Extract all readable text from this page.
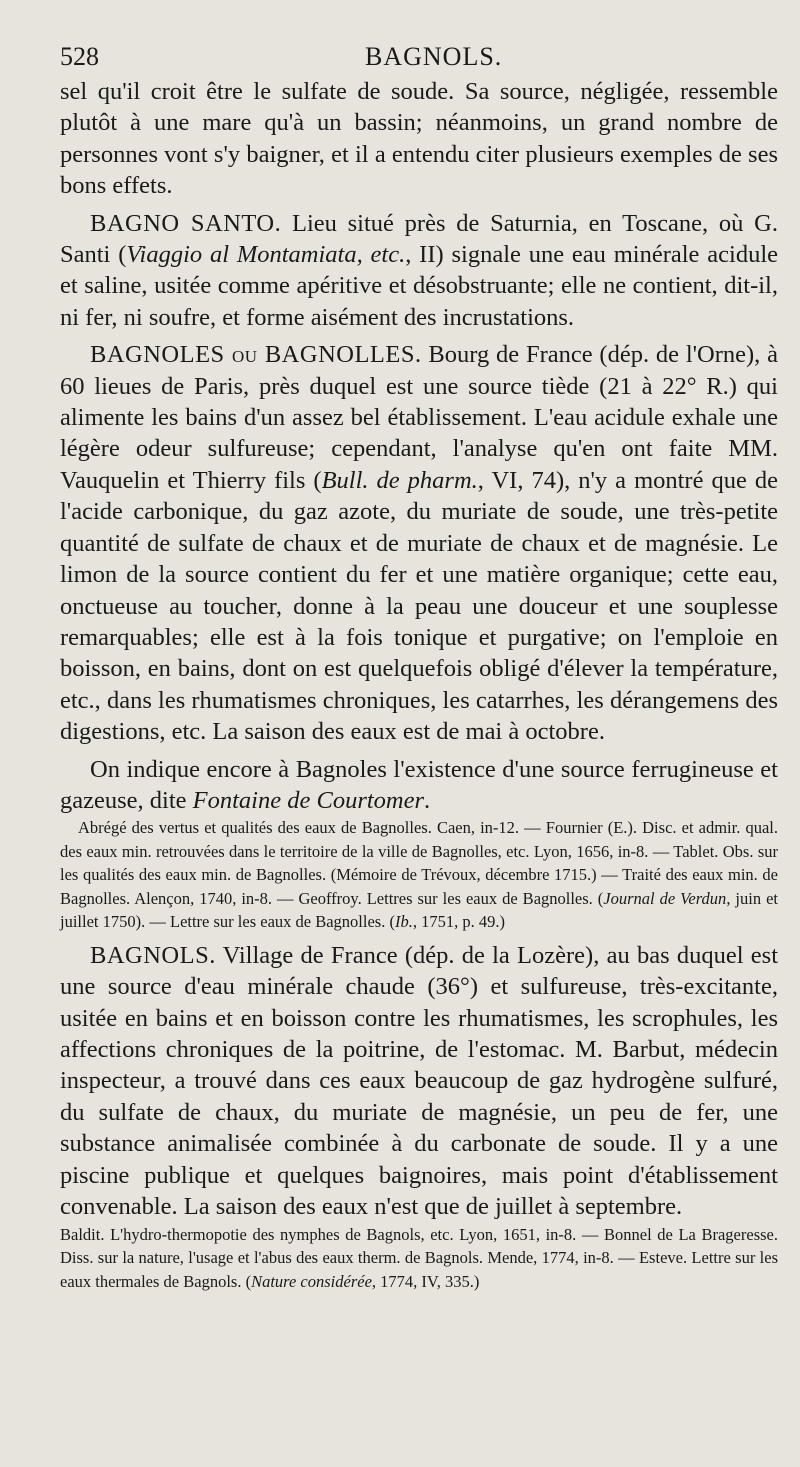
528	BAGNOLS.

sel qu'il croit être le sulfate de soude. Sa source, négligée, ressemble plutôt à une mare qu'à un bassin; néanmoins, un grand nombre de personnes vont s'y baigner, et il a entendu citer plusieurs exemples de ses bons effets.

BAGNO SANTO. Lieu situé près de Saturnia, en Toscane, où G. Santi (Viaggio al Montamiata, etc., II) signale une eau minérale acidule et saline, usitée comme apéritive et désobstruante; elle ne contient, dit-il, ni fer, ni soufre, et forme aisément des incrustations.

BAGNOLES ou BAGNOLLES. Bourg de France (dép. de l'Orne), à 60 lieues de Paris, près duquel est une source tiède (21 à 22° R.) qui alimente les bains d'un assez bel établissement. L'eau acidule exhale une légère odeur sulfureuse; cependant, l'analyse qu'en ont faite MM. Vauquelin et Thierry fils (Bull. de pharm., VI, 74), n'y a montré que de l'acide carbonique, du gaz azote, du muriate de soude, une très-petite quantité de sulfate de chaux et de muriate de chaux et de magnésie. Le limon de la source contient du fer et une matière organique; cette eau, onctueuse au toucher, donne à la peau une douceur et une souplesse remarquables; elle est à la fois tonique et purgative; on l'emploie en boisson, en bains, dont on est quelquefois obligé d'élever la température, etc., dans les rhumatismes chroniques, les catarrhes, les dérangemens des digestions, etc. La saison des eaux est de mai à octobre.

On indique encore à Bagnoles l'existence d'une source ferrugineuse et gazeuse, dite Fontaine de Courtomer.

Abrégé des vertus et qualités des eaux de Bagnolles. Caen, in-12. — Fournier (E.). Disc. et admir. qual. des eaux min. retrouvées dans le territoire de la ville de Bagnolles, etc. Lyon, 1656, in-8. — Tablet. Obs. sur les qualités des eaux min. de Bagnolles. (Mémoire de Trévoux, décembre 1715.) — Traité des eaux min. de Bagnolles. Alençon, 1740, in-8. — Geoffroy. Lettres sur les eaux de Bagnolles. (Journal de Verdun, juin et juillet 1750). — Lettre sur les eaux de Bagnolles. (Ib., 1751, p. 49.)

BAGNOLS. Village de France (dép. de la Lozère), au bas duquel est une source d'eau minérale chaude (36°) et sulfureuse, très-excitante, usitée en bains et en boisson contre les rhumatismes, les scrophules, les affections chroniques de la poitrine, de l'estomac. M. Barbut, médecin inspecteur, a trouvé dans ces eaux beaucoup de gaz hydrogène sulfuré, du sulfate de chaux, du muriate de magnésie, un peu de fer, une substance animalisée combinée à du carbonate de soude. Il y a une piscine publique et quelques baignoires, mais point d'établissement convenable. La saison des eaux n'est que de juillet à septembre.

Baldit. L'hydro-thermopotie des nymphes de Bagnols, etc. Lyon, 1651, in-8. — Bonnel de La Brageresse. Diss. sur la nature, l'usage et l'abus des eaux therm. de Bagnols. Mende, 1774, in-8. — Esteve. Lettre sur les eaux thermales de Bagnols. (Nature considérée, 1774, IV, 335.)
